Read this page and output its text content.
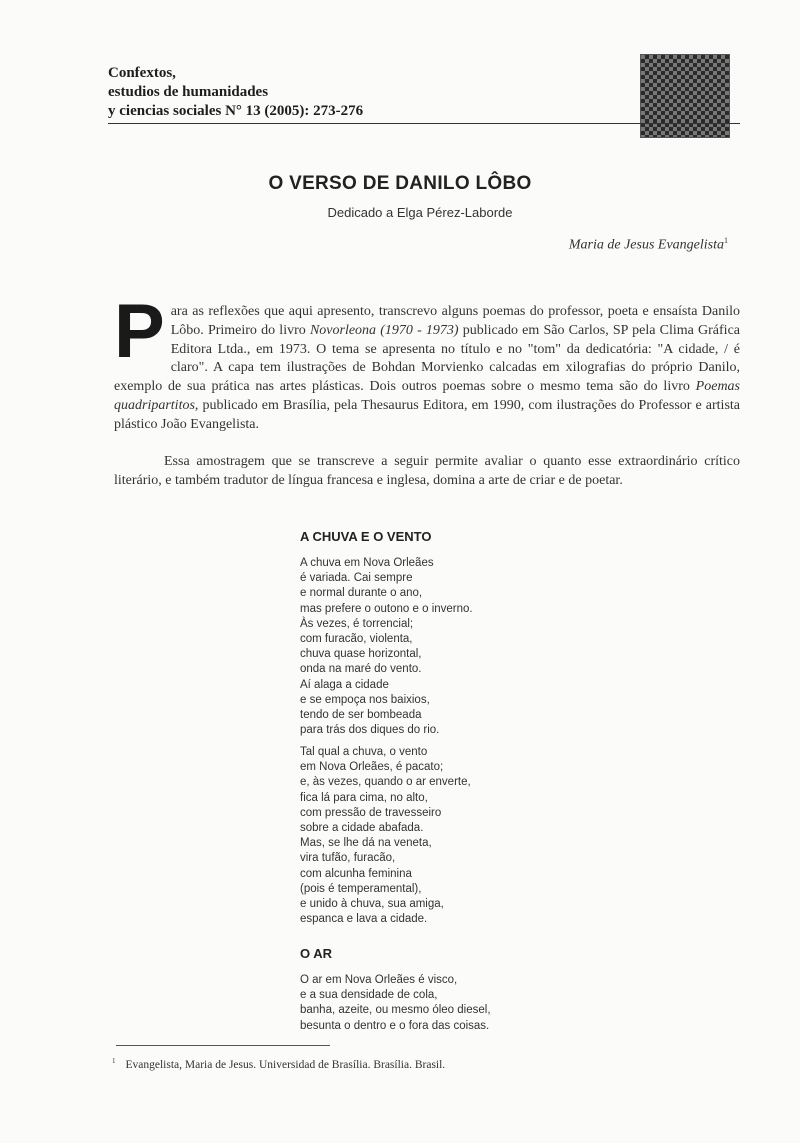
Confextos,
estudios de humanidades
y ciencias sociales N° 13 (2005): 273-276
O VERSO DE DANILO LÔBO
Dedicado a Elga Pérez-Laborde
Maria de Jesus Evangelista$^1$
Para as reflexões que aqui apresento, transcrevo alguns poemas do professor, poeta e ensaísta Danilo Lôbo. Primeiro do livro Novorleona (1970 - 1973) publicado em São Carlos, SP pela Clima Gráfica Editora Ltda., em 1973. O tema se apresenta no título e no "tom" da dedicatória: "A cidade, / é claro". A capa tem ilustrações de Bohdan Morvienko calcadas em xilografias do próprio Danilo, exemplo de sua prática nas artes plásticas. Dois outros poemas sobre o mesmo tema são do livro Poemas quadripartitos, publicado em Brasília, pela Thesaurus Editora, em 1990, com ilustrações do Professor e artista plástico João Evangelista.
Essa amostragem que se transcreve a seguir permite avaliar o quanto esse extraordinário crítico literário, e também tradutor de língua francesa e inglesa, domina a arte de criar e de poetar.
A CHUVA E O VENTO
A chuva em Nova Orleães
é variada. Cai sempre
e normal durante o ano,
mas prefere o outono e o inverno.
Às vezes, é torrencial;
com furacão, violenta,
chuva quase horizontal,
onda na maré do vento.
Aí alaga a cidade
e se empoça nos baixios,
tendo de ser bombeada
para trás dos diques do rio.
Tal qual a chuva, o vento
em Nova Orleães, é pacato;
e, às vezes, quando o ar enverte,
fica lá para cima, no alto,
com pressão de travesseiro
sobre a cidade abafada.
Mas, se lhe dá na veneta,
vira tufão, furacão,
com alcunha feminina
(pois é temperamental),
e unido à chuva, sua amiga,
espanca e lava a cidade.
O AR
O ar em Nova Orleães é visco,
e a sua densidade de cola,
banha, azeite, ou mesmo óleo diesel,
besunta o dentro e o fora das coisas.
$^1$ Evangelista, Maria de Jesus. Universidad de Brasília. Brasília. Brasil.
